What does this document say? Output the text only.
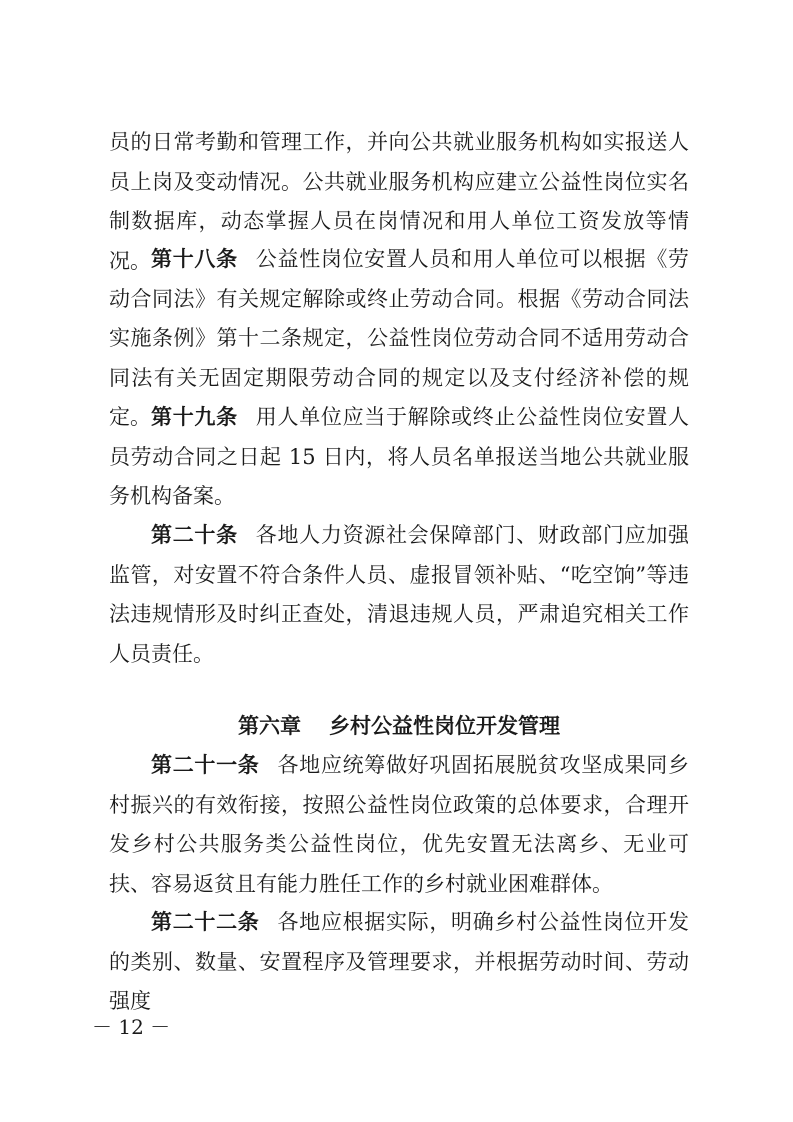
员的日常考勤和管理工作，并向公共就业服务机构如实报送人员上岗及变动情况。公共就业服务机构应建立公益性岗位实名制数据库，动态掌握人员在岗情况和用人单位工资发放等情况。 第十八条 公益性岗位安置人员和用人单位可以根据《劳动合同法》有关规定解除或终止劳动合同。根据《劳动合同法实施条例》第十二条规定，公益性岗位劳动合同不适用劳动合同法有关无固定期限劳动合同的规定以及支付经济补偿的规定。 第十九条 用人单位应当于解除或终止公益性岗位安置人员劳动合同之日起 15 日内，将人员名单报送当地公共就业服务机构备案。

第二十条 各地人力资源社会保障部门、财政部门应加强监管，对安置不符合条件人员、虚报冒领补贴、“吃空饷”等违法违规情形及时纠正查处，清退违规人员，严肃追究相关工作人员责任。

第六章 乡村公益性岗位开发管理

第二十一条 各地应统筹做好巩固拓展脱贫攻坚成果同乡村振兴的有效衔接，按照公益性岗位政策的总体要求，合理开发乡村公共服务类公益性岗位，优先安置无法离乡、无业可扶、容易返贫且有能力胜任工作的乡村就业困难群体。

第二十二条 各地应根据实际，明确乡村公益性岗位开发的类别、数量、安置程序及管理要求，并根据劳动时间、劳动强度

－ 12 －
